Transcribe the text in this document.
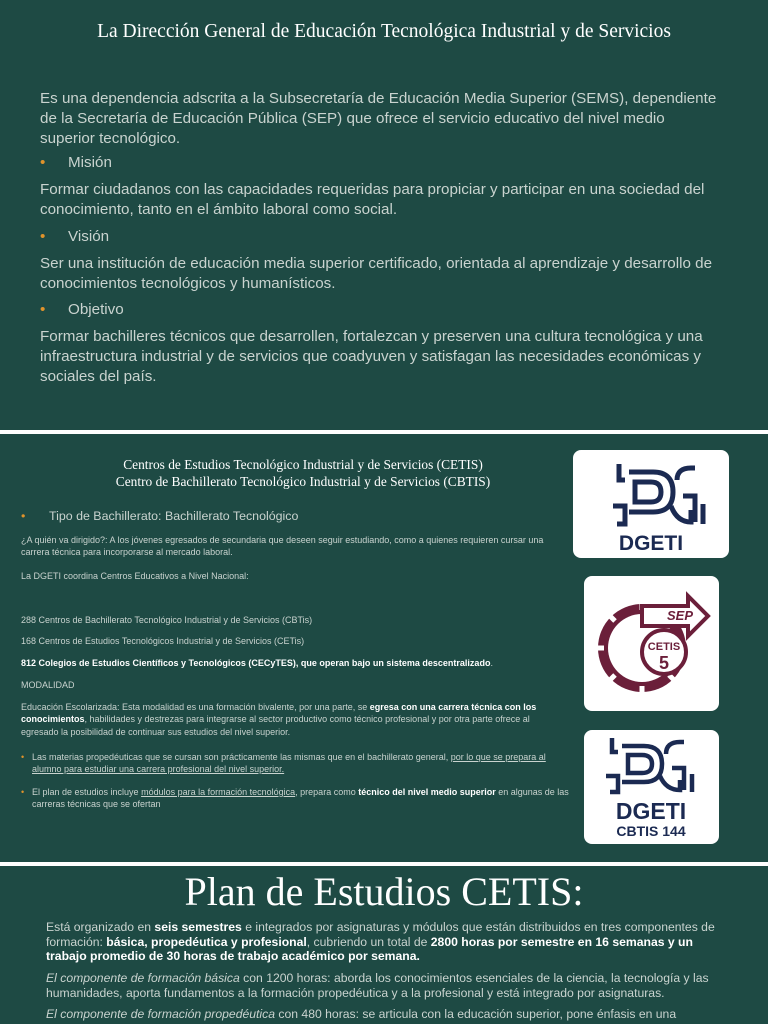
La Dirección General de Educación Tecnológica Industrial y de Servicios

Es una dependencia adscrita a la Subsecretaría de Educación Media Superior (SEMS), dependiente de la Secretaría de Educación Pública (SEP) que ofrece el servicio educativo del nivel medio superior tecnológico.

• Misión

Formar ciudadanos con las capacidades requeridas para propiciar y participar en una sociedad del conocimiento, tanto en el ámbito laboral como social.

• Visión

Ser una institución de educación media superior certificado, orientada al aprendizaje y desarrollo de conocimientos tecnológicos y humanísticos.

• Objetivo

Formar bachilleres técnicos que desarrollen, fortalezcan y preserven una cultura tecnológica y una infraestructura industrial y de servicios que coadyuven y satisfagan las necesidades económicas y sociales del país.

Centros de Estudios Tecnológico Industrial y de Servicios (CETIS)
Centro de Bachillerato Tecnológico Industrial y de Servicios (CBTIS)
• Tipo de Bachillerato: Bachillerato Tecnológico

¿A quién va dirigido?: A los jóvenes egresados de secundaria que deseen seguir estudiando, como a quienes requieren cursar una carrera técnica para incorporarse al mercado laboral.

La DGETI coordina Centros Educativos a Nivel Nacional:

288 Centros de Bachillerato Tecnológico Industrial y de Servicios (CBTis)

168 Centros de Estudios Tecnológicos Industrial y de Servicios (CETis)

812 Colegios de Estudios Científicos y Tecnológicos (CECyTES), que operan bajo un sistema descentralizado.

MODALIDAD

Educación Escolarizada: Esta modalidad es una formación bivalente, por una parte, se egresa con una carrera técnica con los conocimientos, habilidades y destrezas para integrarse al sector productivo como técnico profesional y por otra parte ofrece al egresado la posibilidad de continuar sus estudios del nivel superior.

• Las materias propedéuticas que se cursan son prácticamente las mismas que en el bachillerato general, por lo que se prepara al alumno para estudiar una carrera profesional del nivel superior.

• El plan de estudios incluye módulos para la formación tecnológica, prepara como técnico del nivel medio superior en algunas de las carreras técnicas que se ofertan

DGETI
SEP
CETIS
5
DGETI
CBTIS 144
Plan de Estudios CETIS:

Está organizado en seis semestres e integrados por asignaturas y módulos que están distribuidos en tres componentes de formación: básica, propedéutica y profesional, cubriendo un total de 2800 horas por semestre en 16 semanas y un trabajo promedio de 30 horas de trabajo académico por semana.

El componente de formación básica con 1200 horas: aborda los conocimientos esenciales de la ciencia, la tecnología y las humanidades, aporta fundamentos a la formación propedéutica y a la profesional y está integrado por asignaturas.

El componente de formación propedéutica con 480 horas: se articula con la educación superior, pone énfasis en una
